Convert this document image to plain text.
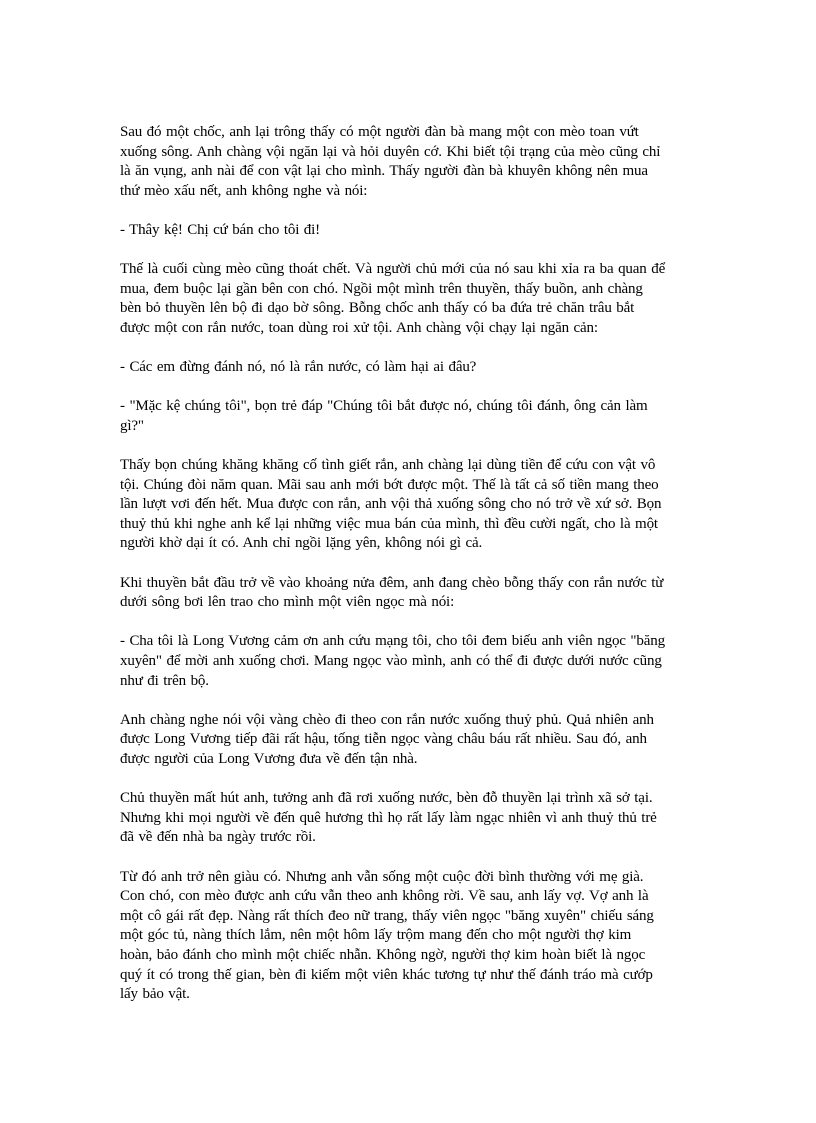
Sau đó một chốc, anh lại trông thấy có một người đàn bà mang một con mèo toan vứt
xuống sông. Anh chàng vội ngăn lại và hỏi duyên cớ. Khi biết tội trạng của mèo cũng chỉ
là ăn vụng, anh nài để con vật lại cho mình. Thấy người đàn bà khuyên không nên mua
thứ mèo xấu nết, anh không nghe và nói:
- Thây kệ! Chị cứ bán cho tôi đi!
Thế là cuối cùng mèo cũng thoát chết. Và người chủ mới của nó sau khi xỉa ra ba quan để
mua, đem buộc lại gần bên con chó. Ngồi một mình trên thuyền, thấy buồn, anh chàng
bèn bỏ thuyền lên bộ đi dạo bờ sông. Bỗng chốc anh thấy có ba đứa trẻ chăn trâu bắt
được một con rắn nước, toan dùng roi xử tội. Anh chàng vội chạy lại ngăn cản:
- Các em đừng đánh nó, nó là rắn nước, có làm hại ai đâu?
- "Mặc kệ chúng tôi", bọn trẻ đáp "Chúng tôi bắt được nó, chúng tôi đánh, ông cản làm
gì?"
Thấy bọn chúng khăng khăng cố tình giết rắn, anh chàng lại dùng tiền để cứu con vật vô
tội. Chúng đòi năm quan. Mãi sau anh mới bớt được một. Thế là tất cả số tiền mang theo
lần lượt vơi đến hết. Mua được con rắn, anh vội thả xuống sông cho nó trở về xứ sở. Bọn
thuỷ thủ khi nghe anh kể lại những việc mua bán của mình, thì đều cười ngất, cho là một
người khờ dại ít có. Anh chỉ ngồi lặng yên, không nói gì cả.
Khi thuyền bắt đầu trở về vào khoảng nửa đêm, anh đang chèo bỗng thấy con rắn nước từ
dưới sông bơi lên trao cho mình một viên ngọc mà nói:
- Cha tôi là Long Vương cảm ơn anh cứu mạng tôi, cho tôi đem biếu anh viên ngọc "băng
xuyên" để mời anh xuống chơi. Mang ngọc vào mình, anh có thể đi được dưới nước cũng
như đi trên bộ.
Anh chàng nghe nói vội vàng chèo đi theo con rắn nước xuống thuỷ phủ. Quả nhiên anh
được Long Vương tiếp đãi rất hậu, tống tiễn ngọc vàng châu báu rất nhiều. Sau đó, anh
được người của Long Vương đưa về đến tận nhà.
Chủ thuyền mất hút anh, tưởng anh đã rơi xuống nước, bèn đỗ thuyền lại trình xã sở tại.
Nhưng khi mọi người về đến quê hương thì họ rất lấy làm ngạc nhiên vì anh thuỷ thủ trẻ
đã về đến nhà ba ngày trước rồi.
Từ đó anh trở nên giàu có. Nhưng anh vẫn sống một cuộc đời bình thường với mẹ già.
Con chó, con mèo được anh cứu vẫn theo anh không rời. Về sau, anh lấy vợ. Vợ anh là
một cô gái rất đẹp. Nàng rất thích đeo nữ trang, thấy viên ngọc "băng xuyên" chiếu sáng
một góc tủ, nàng thích lắm, nên một hôm lấy trộm mang đến cho một người thợ kim
hoàn, bảo đánh cho mình một chiếc nhẫn. Không ngờ, người thợ kim hoàn biết là ngọc
quý ít có trong thế gian, bèn đi kiếm một viên khác tương tự như thế đánh tráo mà cướp
lấy bảo vật.
